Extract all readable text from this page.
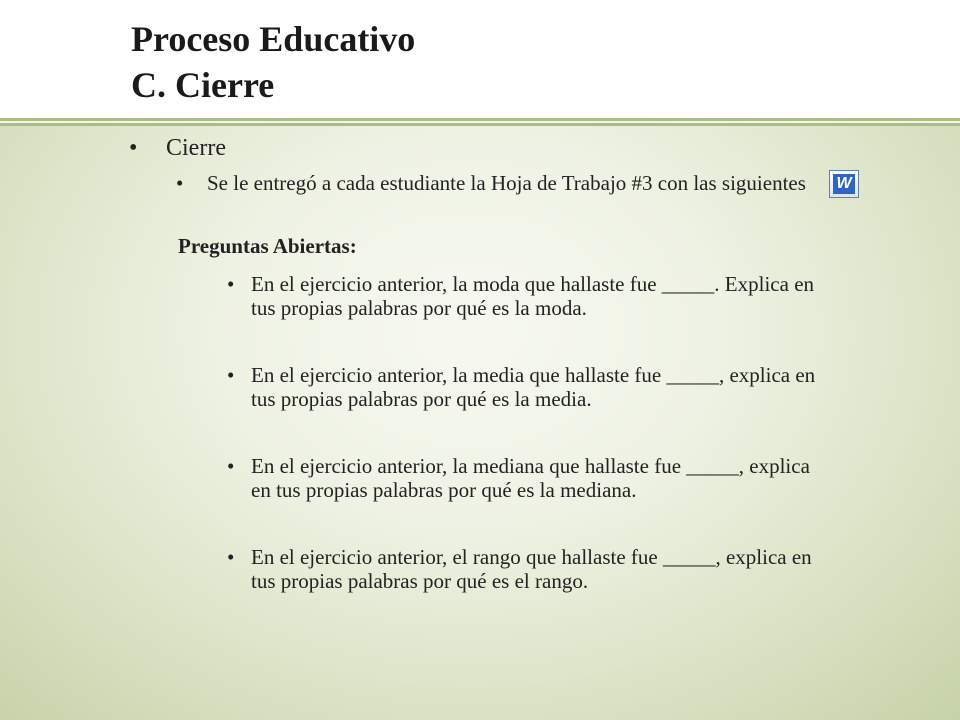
Proceso Educativo
C. Cierre
• Cierre
• Se le entregó a cada estudiante la Hoja de Trabajo #3 con las siguientes	W
Preguntas Abiertas:
• En el ejercicio anterior, la moda que hallaste fue _____. Explica en tus propias palabras por qué es la moda.
• En el ejercicio anterior, la media que hallaste fue _____, explica en tus propias palabras por qué es la media.
• En el ejercicio anterior, la mediana que hallaste fue _____, explica en tus propias palabras por qué es la mediana.
• En el ejercicio anterior, el rango que hallaste fue _____, explica en tus propias palabras por qué es el rango.
